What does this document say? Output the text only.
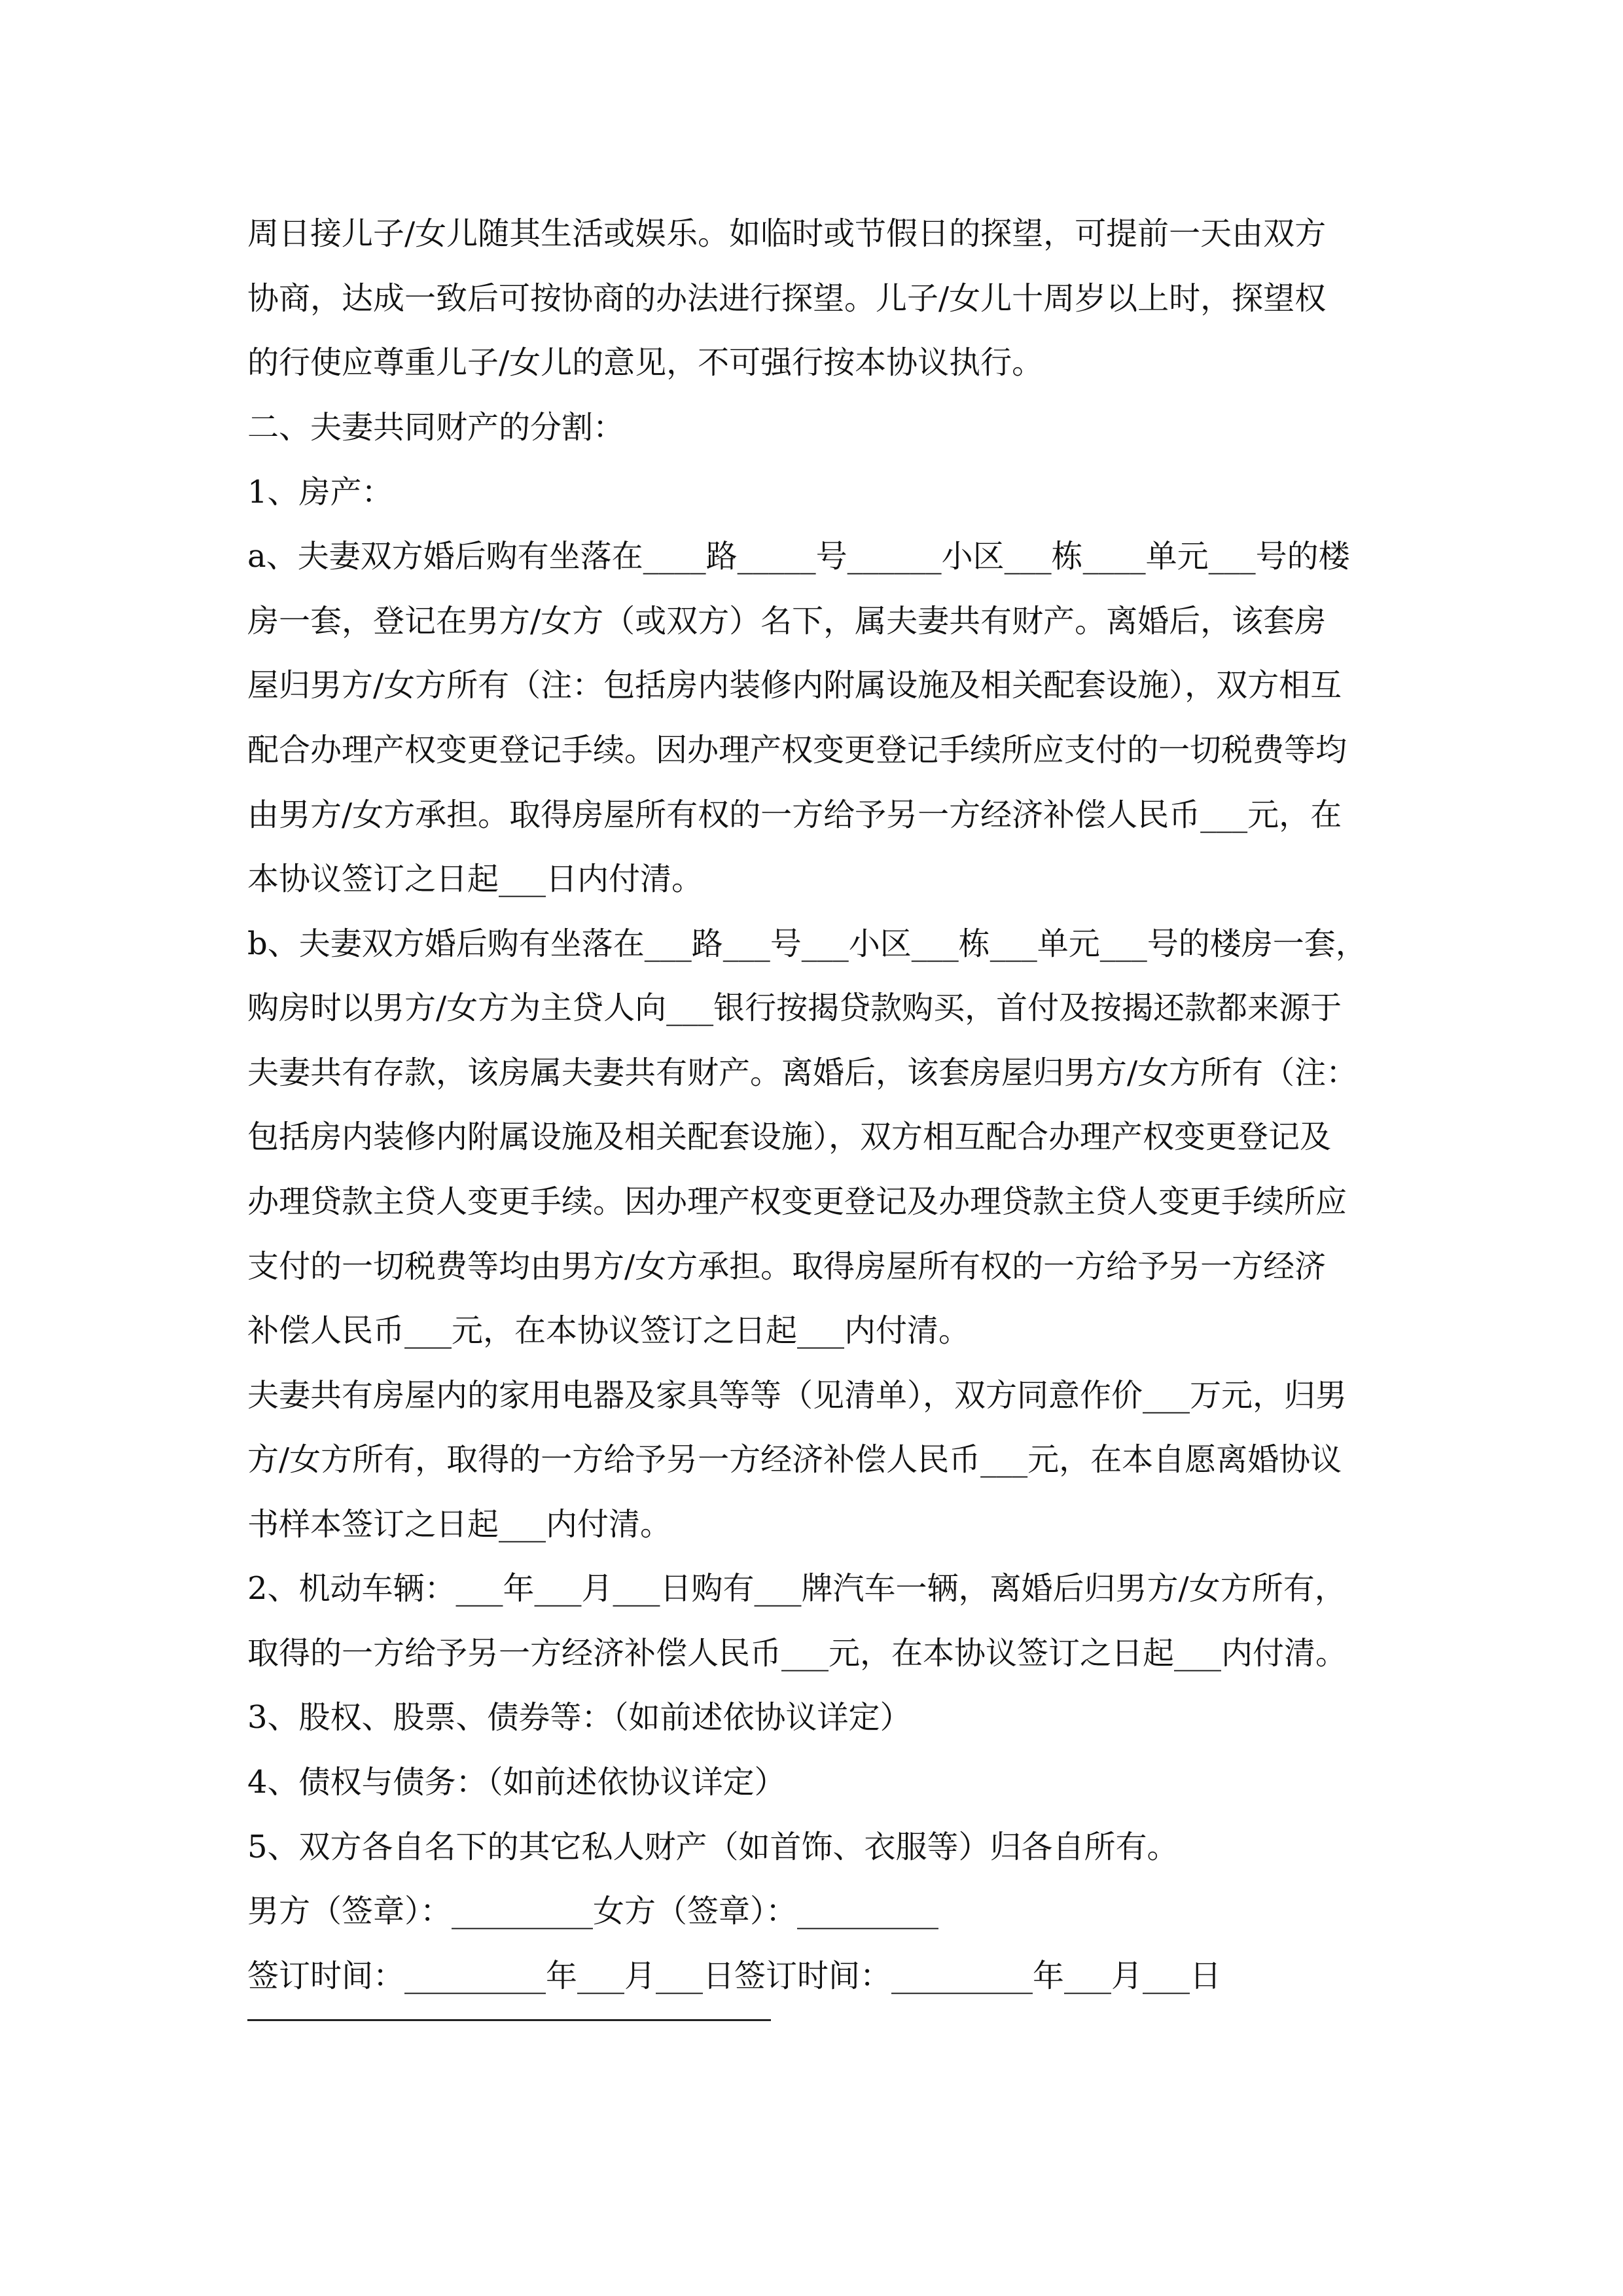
周日接儿子/女儿随其生活或娱乐。如临时或节假日的探望，可提前一天由双方
协商，达成一致后可按协商的办法进行探望。儿子/女儿十周岁以上时，探望权
的行使应尊重儿子/女儿的意见，不可强行按本协议执行。
二、夫妻共同财产的分割：
1、房产：
a、夫妻双方婚后购有坐落在____路_____号______小区___栋____单元___号的楼
房一套，登记在男方/女方（或双方）名下，属夫妻共有财产。离婚后，该套房
屋归男方/女方所有（注：包括房内装修内附属设施及相关配套设施），双方相互
配合办理产权变更登记手续。因办理产权变更登记手续所应支付的一切税费等均
由男方/女方承担。取得房屋所有权的一方给予另一方经济补偿人民币___元，在
本协议签订之日起___日内付清。
b、夫妻双方婚后购有坐落在___路___号___小区___栋___单元___号的楼房一套，
购房时以男方/女方为主贷人向___银行按揭贷款购买，首付及按揭还款都来源于
夫妻共有存款，该房属夫妻共有财产。离婚后，该套房屋归男方/女方所有（注：
包括房内装修内附属设施及相关配套设施），双方相互配合办理产权变更登记及
办理贷款主贷人变更手续。因办理产权变更登记及办理贷款主贷人变更手续所应
支付的一切税费等均由男方/女方承担。取得房屋所有权的一方给予另一方经济
补偿人民币___元，在本协议签订之日起___内付清。
夫妻共有房屋内的家用电器及家具等等（见清单），双方同意作价___万元，归男
方/女方所有，取得的一方给予另一方经济补偿人民币___元，在本自愿离婚协议
书样本签订之日起___内付清。
2、机动车辆：___年___月___日购有___牌汽车一辆，离婚后归男方/女方所有，
取得的一方给予另一方经济补偿人民币___元，在本协议签订之日起___内付清。
3、股权、股票、债券等：（如前述依协议详定）
4、债权与债务：（如前述依协议详定）
5、双方各自名下的其它私人财产（如首饰、衣服等）归各自所有。
男方（签章）：_________女方（签章）：_________
签订时间：_________年___月___日签订时间：_________年___月___日
